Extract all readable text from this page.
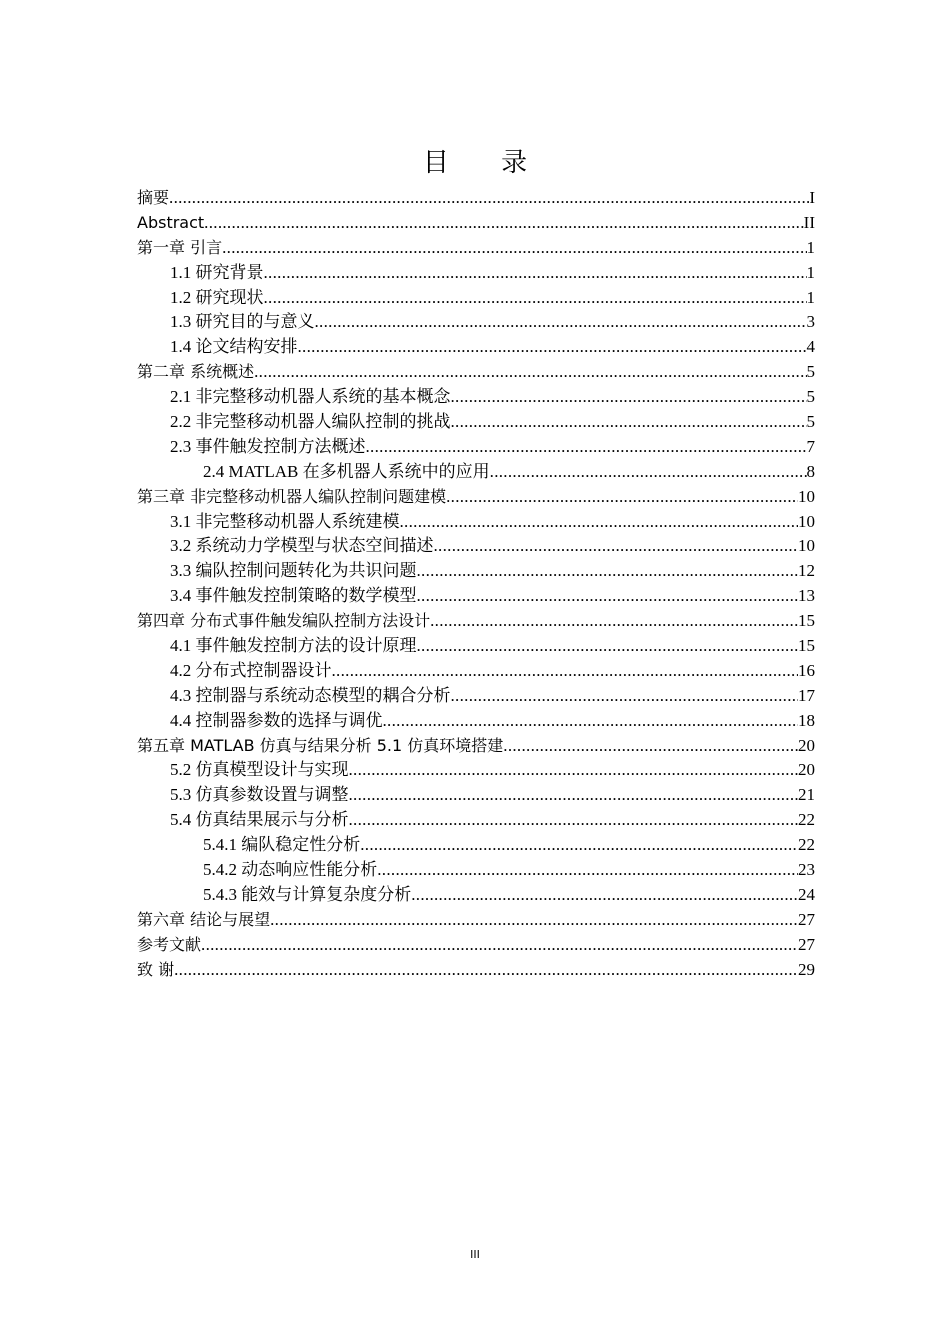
目 录
摘要 .....	I
Abstract .....	II
第一章 引言 .....	1
1.1 研究背景 .....	1
1.2 研究现状 .....	1
1.3 研究目的与意义 .....	3
1.4 论文结构安排 .....	4
第二章 系统概述 .....	5
2.1 非完整移动机器人系统的基本概念 .....	5
2.2 非完整移动机器人编队控制的挑战 .....	5
2.3 事件触发控制方法概述 .....	7
2.4 MATLAB 在多机器人系统中的应用 .....	8
第三章 非完整移动机器人编队控制问题建模 .....	10
3.1 非完整移动机器人系统建模 .....	10
3.2 系统动力学模型与状态空间描述 .....	10
3.3 编队控制问题转化为共识问题 .....	12
3.4 事件触发控制策略的数学模型 .....	13
第四章 分布式事件触发编队控制方法设计 .....	15
4.1 事件触发控制方法的设计原理 .....	15
4.2 分布式控制器设计 .....	16
4.3 控制器与系统动态模型的耦合分析 .....	17
4.4 控制器参数的选择与调优 .....	18
第五章 MATLAB 仿真与结果分析 5.1 仿真环境搭建 .....	20
5.2 仿真模型设计与实现 .....	20
5.3 仿真参数设置与调整 .....	21
5.4 仿真结果展示与分析 .....	22
5.4.1 编队稳定性分析 .....	22
5.4.2 动态响应性能分析 .....	23
5.4.3 能效与计算复杂度分析 .....	24
第六章 结论与展望 .....	27
参考文献 .....	27
致 谢 .....	29
III
